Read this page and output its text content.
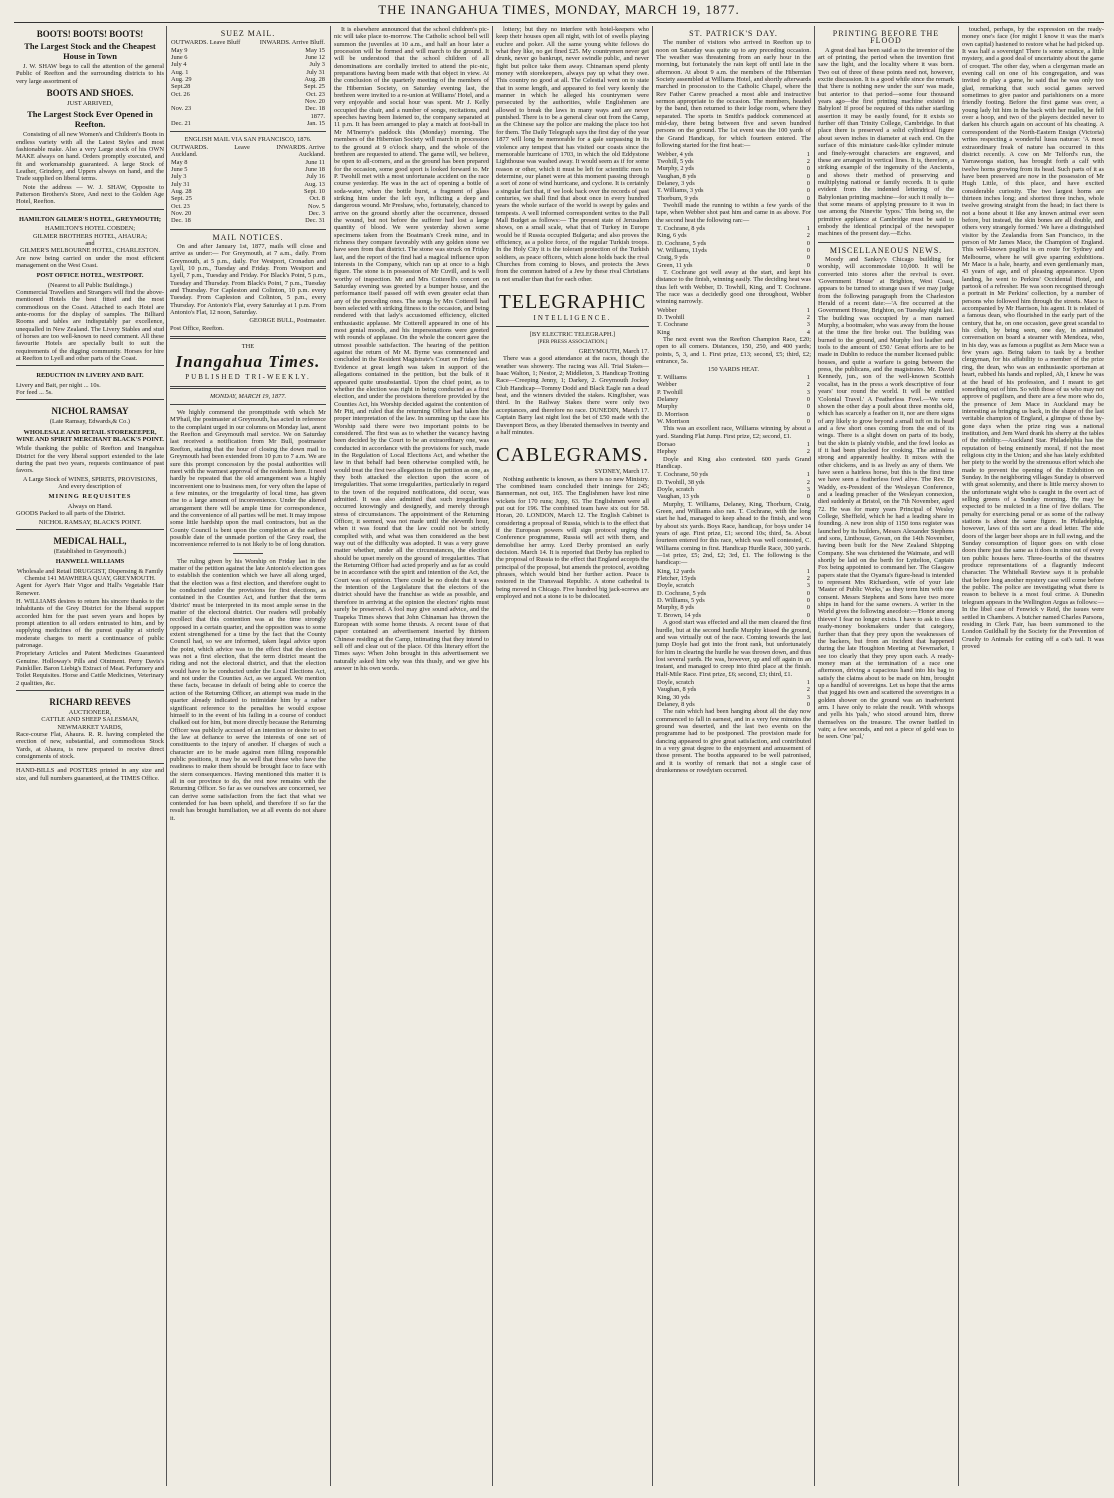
THE INANGAHUA TIMES, MONDAY, MARCH 19, 1877.
BOOTS! BOOTS! BOOTS!
The Largest Stock and the Cheapest House in Town

J. W. SHAW begs to call the attention of the general Public of Reefton and the surrounding districts to his very large assortment of

BOOTS AND SHOES.
JUST ARRIVED,
The Largest Stock Ever Opened in Reefton.

Consisting of all new Women's and Children's Boots in endless variety with all the Latest Styles and most fashionable make. Also a very Large stock of his OWN MAKE always on hand. Orders promptly executed, and fit and workmanship guaranteed. A large Stock of Leather, Grindery, and Uppers always on hand, and the Trade supplied on liberal terms.

Note the address — W. J. SHAW, Opposite to Patterson Brothers's Store, And next to the Golden Age Hotel, Reefton.

HAMILTON GILMER'S HOTEL, GREYMOUTH;
HAMILTON'S HOTEL COBDEN;
GILMER BROTHERS HOTEL, AHAURA;
and
GILMER'S MELBOURNE HOTEL, CHARLESTON.

Are now being carried on under the most efficient management on the West Coast.

POST OFFICE HOTEL, WESTPORT.
(Nearest to all Public Buildings.)

Commercial Travellers and Strangers will find the above-mentioned Hotels the best fitted and the most commodious on the Coast. Attached to each Hotel are ante-rooms for the display of samples. The Billiard Rooms and tables are indisputably par excellence, unequalled in New Zealand. The Livery Stables and stud of horses are too well-known to need comment. All these favourite Hotels are specially built to suit the requirements of the digging community. Horses for hire at Reefton to Lyell and other parts of the Coast.

REDUCTION IN LIVERY AND BAIT.
Livery and Bait, per night ... 10s.
For feed ... 5s.
NICHOL RAMSAY
(Late Ramsay, Edwards,& Co.)
WHOLESALE AND RETAIL STOREKEEPER, WINE AND SPIRIT MERCHANT BLACK'S POINT.

While thanking the public of Reefton and Inangahua District for the very liberal support extended to the late during the past two years, requests continuance of past favors.

A Large Stock of WINES, SPIRITS, PROVISIONS,
And every description of
MINING REQUISITES
Always on Hand.

GOODS Packed to all parts of the District.

NICHOL RAMSAY, BLACK'S POINT.
MEDICAL HALL,
(Established in Greymouth.)
HANWELL WILLIAMS
Wholesale and Retail DRUGGIST, Dispensing & Family Chemist 141 MAWHERA QUAY, GREYMOUTH.

Agent for Ayer's Hair Vigor and Hall's Vegetable Hair Renewer.

H. WILLIAMS desires to return his sincere thanks to the inhabitants of the Grey District for the liberal support accorded him for the past seven years and hopes by prompt attention to all orders entrusted to him, and by supplying medicines of the purest quality at strictly moderate charges to merit a continuance of public patronage.

Proprietary Articles and Patent Medicines Guaranteed Genuine. Holloway's Pills and Ointment. Perry Davis's Painkiller. Baron Liebig's Extract of Meat. Perfumery and Toilet Requisites. Horse and Cattle Medicines, Veterinary 2 qualities, &c.

RICHARD REEVES
AUCTIONEER,
CATTLE AND SHEEP SALESMAN,
NEWMARKET YARDS,

Race-course Flat, Ahaura. R. R. having completed the erection of new, substantial, and commodious Stock Yards, at Ahaura, is now prepared to receive direct consignments of stock.

HAND-BILLS and POSTERS printed in any size and size, and full numbers guaranteed, at the TIMES Office.

SUEZ MAIL.
OUTWARDS. Leave Bluff	INWARDS. Arrive Bluff.
May 9	May 15
June 6	June 12
July 4	July 3
Aug. 1	July 31
Aug. 29	Aug. 28
Sept.28	Sept. 25
Oct. 26	Oct. 23
	Nov. 20
Nov. 23	Dec. 18
	1877.
Dec. 21	Jan. 15
ENGLISH MAIL VIA SAN FRANCISCO, 1876.
OUTWARDS. Leave Auckland.	INWARDS. Arrive Auckland.
May 8	June 11
June 5	June 18
July 3	July 16
July 31	Aug. 13
Aug. 28	Sept. 10
Sept. 25	Oct. 8
Oct. 23	Nov. 5
Nov. 20	Dec. 3
Dec. 18	Dec. 31
MAIL NOTICES.

On and after January 1st, 1877, mails will close and arrive as under:— For Greymouth, at 7 a.m., daily. From Greymouth, at 5 p.m., daily. For Westport, Cronadun and Lyell, 10 p.m., Tuesday and Friday. From Westport and Lyell, 7 p.m., Tuesday and Friday. For Black's Point, 5 p.m., Tuesday and Thursday. From Black's Point, 7 p.m., Tuesday and Thursday. For Capleston and Colinton, 10 p.m. every Tuesday. From Capleston and Colinton, 5 p.m., every Thursday. For Antonio's Flat, every Saturday at 1 p.m. From Antonio's Flat, 12 noon, Saturday.

GEORGE BULL, Postmaster.
Post Office, Reefton.
THE
Inangahua Times.
PUBLISHED TRI-WEEKLY.
MONDAY, MARCH 19, 1877.

We highly commend the promptitude with which Mr M'Phail, the postmaster at Greymouth, has acted in reference to the complaint urged in our columns on Monday last, anent the Reefton and Greymouth mail service. We on Saturday last received a notification from Mr Bull, postmaster Reefton, stating that the hour of closing the down mail to Greymouth had been extended from 10 p.m to 7 a.m. We are sure this prompt concession by the postal authorities will meet with the warmest approval of the residents here. It need hardly be repeated that the old arrangement was a highly inconvenient one to business men, for very often the lapse of a few minutes, or the irregularity of local time, has given rise to a large amount of inconvenience. Under the altered arrangement there will be ample time for correspondence, and the convenience of all parties will be met. It may impose some little hardship upon the mail contractors, but as the County Council is bent upon the completion at the earliest possible date of the unmade portion of the Grey road, the inconvenience referred to is not likely to be of long duration.

The ruling given by his Worship on Friday last in the matter of the petition against the late Antonio's election goes to establish the contention which we have all along urged, that the election was a first election, and therefore ought to be conducted under the provisions for first elections, as contained in the Counties Act, and further that the term 'district' must be interpreted in its most ample sense in the matter of the electoral district. Our readers will probably recollect that this contention was at the time strongly opposed in a certain quarter, and the opposition was to some extent strengthened for a time by the fact that the County Council had, so we are informed, taken legal advice upon the point, which advice was to the effect that the election was not a first election, that the term district meant the riding and not the electoral district, and that the election would have to be conducted under the Local Elections Act, and not under the Counties Act, as we argued. We mention these facts, because in default of being able to coerce the action of the Returning Officer, an attempt was made in the quarter already indicated to intimidate him by a rather significant reference to the penalties he would expose himself to in the event of his failing in a course of conduct chalked out for him, but more directly because the Returning Officer was publicly accused of an intention or desire to set the law at defiance to serve the interests of one set of constituents to the injury of another. If charges of such a character are to be made against men filling responsible public positions, it may be as well that those who have the readiness to make them should be brought face to face with the stern consequences. Having mentioned this matter it is all in our province to do, the rest now remains with the Returning Officer. So far as we ourselves are concerned, we can derive some satisfaction from the fact that what we contended for has been upheld, and therefore if so far the result has brought humiliation, we at all events do not share it.

It is elsewhere announced that the school children's pic-nic will take place to-morrow. The Catholic school bell will summon the juveniles at 10 a.m., and half an hour later a procession will be formed and will march to the ground. It will be understood that the school children of all denominations are cordially invited to attend the pic-nic, preparations having been made with that object in view. At the conclusion of the quarterly meeting of the members of the Hibernian Society, on Saturday evening last, the brethren were invited to a re-union at Williams' Hotel, and a very enjoyable and social hour was spent. Mr J. Kelly occupied the chair, and a number of songs, recitations, and speeches having been listened to, the company separated at 11 p.m. It has been arranged to play a match at foot-ball in Mr M'Inerny's paddock this (Monday) morning. The members of the Hibernian Society will march in procession to the ground at 9 o'clock sharp, and the whole of the brethren are requested to attend. The game will, we believe, be open to all-comers, and as the ground has been prepared for the occasion, some good sport is looked forward to. Mr P. Twohill met with a most unfortunate accident on the race course yesterday. He was in the act of opening a bottle of soda-water, when the bottle burst, a fragment of glass striking him under the left eye, inflicting a deep and dangerous wound. Mr Preshaw, who, fortunately, chanced to arrive on the ground shortly after the occurrence, dressed the wound, but not before the sufferer had lost a large quantity of blood. We were yesterday shown some specimens taken from the Boatman's Creek mine, and in richness they compare favorably with any golden stone we have seen from that district. The stone was struck on Friday last, and the report of the find had a magical influence upon interests in the Company, which ran up at once to a high figure. The stone is in possession of Mr Cuvill, and is well worthy of inspection. Mr and Mrs Cotterell's concert on Saturday evening was greeted by a bumper house, and the performance itself passed off with even greater eclat than any of the preceding ones. The songs by Mrs Cotterell had been selected with striking fitness to the occasion, and being rendered with that lady's accustomed efficiency, elicited enthusiastic applause. Mr Cotterell appeared in one of his most genial moods, and his impersonations were greeted with rounds of applause. On the whole the concert gave the utmost possible satisfaction. The hearing of the petition against the return of Mr M. Byrne was commenced and concluded in the Resident Magistrate's Court on Friday last. Evidence at great length was taken in support of the allegations contained in the petition, but the bulk of it appeared quite unsubstantial. Upon the chief point, as to whether the election was right in being conducted as a first election, and under the provisions therefore provided by the Counties Act, his Worship decided against the contention of Mr Pitt, and ruled that the returning Officer had taken the proper interpretation of the law. In summing up the case his Worship said there were two important points to be considered. The first was as to whether the vacancy having been decided by the Court to be an extraordinary one, was conducted in accordance with the provisions for such, made in the Regulation of Local Elections Act, and whether the law in that behalf had been otherwise complied with, he would treat the first two allegations in the petition as one, as they both attacked the election upon the score of irregularities. That some irregularities, particularly in regard to the town of the required notifications, did occur, was admitted. It was also admitted that such irregularities occurred knowingly and designedly, and merely through stress of circumstances. The appointment of the Returning Officer, it seemed, was not made until the eleventh hour, when it was found that the law could not be strictly complied with, and what was then considered as the best way out of the difficulty was adopted. It was a very grave matter whether, under all the circumstances, the election should be upset merely on the ground of irregularities. That the Returning Officer had acted properly and as far as could be in accordance with the spirit and intention of the Act, the Court was of opinion. There could be no doubt that it was the intention of the Legislature that the electors of the district should have the franchise as wide as possible, and therefore in arriving at the opinion the electors' rights must surely be preserved. A fool may give sound advice, and the Tuapeka Times shows that John Chinaman has thrown the European with some home thrusts. A recent issue of that paper contained an advertisement inserted by thirteen Chinese residing at the Camp, intimating that they intend to sell off and clear out of the place. Of this literary effort the Times says: When John brought in this advertisement we naturally asked him why was this thusly, and we give his answer in his own words.

lottery; but they no interfere with hotel-keepers who keep their houses open all night, with lot of swells playing euchre and poker. All the same young white fellows do what they like, no get fined £25. My countrymen never get drunk, never go bankrupt, never swindle public, and never fight but police take them away. Chinaman spend plenty money with storekeepers, always pay up what they owe. This country no good at all. The Celestial went on to state that in some length, and appeared to feel very keenly the manner in which he alleged his countrymen were persecuted by the authorities, while Englishmen are allowed to break the laws in many ways and are never punished. There is to be a general clear out from the Camp, as the Chinese say the police are making the place too hot for them. The Daily Telegraph says the first day of the year 1877 will long be memorable for a gale surpassing in its violence any tempest that has visited our coasts since the memorable hurricane of 1703, in which the old Eddystone Lighthouse was washed away. It would seem as if for some reason or other, which it must be left for scientific men to determine, our planet were at this moment passing through a sort of zone of wind hurricane, and cyclone. It is certainly a singular fact that, if we look back over the records of past centuries, we shall find that about once in every hundred years the whole surface of the world is swept by gales and tempests. A well informed correspondent writes to the Pall Mall Budget as follows:— The present state of Jerusalem shows, on a small scale, what that of Turkey in Europe would be if Russia occupied Bulgaria; and also proves the efficiency, as a police force, of the regular Turkish troops. In the Holy City it is the tolerant protection of the Turkish soldiers, as peace officers, which alone holds back the rival Churches from coming to blows, and protects the Jews from the common hatred of a Jew by these rival Christians is not smaller than that for each other.

TELEGRAPHIC
INTELLIGENCE.
[BY ELECTRIC TELEGRAPH.]
[PER PRESS ASSOCIATION.]
GREYMOUTH, March 17.

There was a good attendance at the races, though the weather was showery. The racing was All. Trial Stakes—Isaac Walton, 1; Nestor, 2; Middleton, 3. Handicap Trotting Race—Creeping Jenny, 1; Darkey, 2. Greymouth Jockey Club Handicap—Tommy Dodd and Black Eagle ran a dead heat, and the winners divided the stakes. Kingfisher, was third. In the Railway Stakes there were only two acceptances, and therefore no race. DUNEDIN, March 17. Captain Barry last night lost the bet of £50 made with the Davenport Bros, as they liberated themselves in twenty and a half minutes.

CABLEGRAMS.
SYDNEY, March 17.

Nothing authentic is known, as there is no new Ministry. The combined team concluded their innings for 245; Bannerman, not out, 165. The Englishmen have lost nine wickets for 170 runs; Jupp, 63. The Englishmen were all put out for 196. The combined team have six out for 58. Horan, 20. LONDON, March 12. The English Cabinet is considering a proposal of Russia, which is to the effect that if the European powers will sign protocol urging the Conference programme, Russia will act with them, and demobilise her army. Lord Derby promised an early decision. March 14. It is reported that Derby has replied to the proposal of Russia to the effect that England accepts the principal of the proposal, but amends the protocol, avoiding phrases, which would bind her further action. Peace is restored in the Transvaal Republic. A stone cathedral is being moved in Chicago. Five hundred big jack-screws are employed and not a stone is to be dislocated.

ST. PATRICK'S DAY.

The number of visitors who arrived in Reefton up to noon on Saturday was quite up to any preceding occasion. The weather was threatening from an early hour in the morning, but fortunately the rain kept off until late in the afternoon. At about 9 a.m. the members of the Hibernian Society assembled at Williams Hotel, and shortly afterwards marched in procession to the Catholic Chapel, where the Rev Father Carew preached a most able and instructive sermon appropriate to the occasion. The members, headed by the band, then returned to their lodge room, where they separated. The sports in Smith's paddock commenced at mid-day, there being between five and seven hundred persons on the ground. The 1st event was the 100 yards of the Grand Handicap, for which fourteen entered. The following started for the first heat:—

Webber, 4 yds	1
Twohill, 5 yds	2
Murphy, 2 yds	0
Vaughan, 8 yds	0
Delaney, 3 yds	0
T. Williams, 3 yds	0
Thorburn, 9 yds	0

Twohill made the running to within a few yards of the tape, when Webber shot past him and came in as above. For the second heat the following ran:—

T. Cochrane, 8 yds	1
King, 6 yds	2
D. Cochrane, 5 yds	0
W. Williams, 11yds	0
Craig, 9 yds	0
Green, 11 yds	0

T. Cochrane got well away at the start, and kept his distance to the finish, winning easily. The deciding heat was thus left with Webber, D. Towhill, King, and T. Cochrane. The race was a decidedly good one throughout, Webber winning narrowly.

Webber	1
D. Twohill	2
T. Cochrane	3
King	4

The next event was the Reefton Champion Race, £20; open to all comers. Distances, 150, 250, and 400 yards; points, 5, 3, and 1. First prize, £13; second, £5; third, £2; entrance, 5s.

150 YARDS HEAT.
T. Williams	1
Webber	2
P. Twohill	3
Delaney	0
Murphy	0
D. Morrison	0
W. Morrison	0

This was an excellent race, Williams winning by about a yard. Standing Flat Jump. First prize, £2; second, £1.

Dorsao	1
Hephey	2

Doyle and King also contested. 600 yards Grand Handicap.

T. Cochrane, 50 yds	1
D. Twohill, 38 yds	2
Doyle, scratch	3
Vaughan, 13 yds	0

Murphy, T. Williams, Delaney, King, Thorburn, Craig, Green, and Williams also ran. T. Cochrane, with the long start he had, managed to keep ahead to the finish, and won by about six yards. Boys Race, handicap, for boys under 14 years of age. First prize, £1; second 10s; third, 5s. About fourteen entered for this race, which was well contested, C. Williams coming in first. Handicap Hurdle Race, 300 yards.—1st prize, £5; 2nd, £2; 3rd, £1. The following is the handicap:—

King, 12 yards	1
Fletcher, 15yds	2
Doyle, scratch	3
D. Cochrane, 5 yds	0
D. Williams, 5 yds	0
Murphy, 8 yds	0
T. Brown, 14 yds	0

A good start was effected and all the men cleared the first hurdle, but at the second hurdle Murphy kissed the ground, and was virtually out of the race. Coming towards the last jump Doyle had got into the front rank, but unfortunately for him in clearing the hurdle he was thrown down, and thus lost several yards. He was, however, up and off again in an instant, and managed to creep into third place at the finish. Half-Mile Race. First prize, £6; second, £3; third, £1.

Doyle, scratch	1
Vaughan, 8 yds	2
King, 30 yds	3
Delaney, 8 yds	0

The rain which had been hanging about all the day now commenced to fall in earnest, and in a very few minutes the ground was deserted, and the last two events on the programme had to be postponed. The provision made for dancing appeared to give great satisfaction, and contributed in a very great degree to the enjoyment and amusement of those present. The booths appeared to be well patronised, and it is worthy of remark that not a single case of drunkenness or rowdyism occurred.

PRINTING BEFORE THE FLOOD

A great deal has been said as to the inventor of the art of printing, the period when the invention first saw the light, and the locality where it was born. Two out of three of these points need not, however, excite discussion. It is a good while since the remark that 'there is nothing new under the sun' was made, but anterior to that period—some four thousand years ago—the first printing machine existed in Babylon! If proof be required of this rather startling assertion it may be easily found, for it exists so further off than Trinity College, Cambridge. In that place there is preserved a solid cylindrical figure about seven inches in diameter at each end. On the surface of this miniature cask-like cylinder minute and finely-wrought characters are engraved, and these are arranged in vertical lines. It is, therefore, a striking example of the ingenuity of the Ancients, and shows their method of preserving and multiplying national or family records. It is quite evident from the indented lettering of the Babylonian printing machine—for such it really is—that some means of applying pressure to it was in use among the Ninevite 'typos.' This being so, the primitive appliance at Cambridge must be said to embody the identical principal of the newspaper machines of the present day.—Echo.

MISCELLANEOUS NEWS.

Moody and Sankey's Chicago building for worship, will accommodate 10,000. It will be converted into stores after the revival is over. 'Government House' at Brighton, West Coast, appears to be turned to strange uses if we may judge from the following paragraph from the Charleston Herald of a recent date:—'A fire occurred at the Government House, Brighton, on Tuesday night last. The building was occupied by a man named Murphy, a bootmaker, who was away from the house at the time the fire broke out. The building was burned to the ground, and Murphy lost leather and tools to the amount of £50.' Great efforts are to be made in Dublin to reduce the number licensed public houses, and quite a warfare is going between the press, the publicans, and the magistrates. Mr. David Kennedy, jun., son of the well-known Scottish vocalist, has in the press a work descriptive of four years' tour round the world. It will be entitled 'Colonial Travel.' A Featherless Fowl.—We were shown the other day a pouli about three months old, which has scarcely a feather on it, nor are there signs of any likely to grow beyond a small tuft on its head and a few short ones coming from the end of its wings. There is a slight down on parts of its body, but the skin is plainly visible, and the fowl looks as if it had been plucked for cooking. The animal is strong and apparently healthy. It mixes with the other chickens, and is as lively as any of them. We have seen a hairless horse, but this is the first time we have seen a featherless fowl alive. The Rev. Dr Waddy, ex-President of the Wesleyan Conference, and a leading preacher of the Wesleyan connexion, died suddenly at Bristol, on the 7th November, aged 72. He was for many years Principal of Wesley College, Sheffield, which he had a leading share in founding. A new iron ship of 1150 tons register was launched by its builders, Messrs Alexander Stephens and sons, Linthouse, Govan, on the 14th November, having been built for the New Zealand Shipping Company. She was christened the Waimate, and will shortly be laid on the berth for Lyttelton, Captain Fox being appointed to command her. The Glasgow papers state that the Oyama's figure-head is intended to represent Mrs Richardson, wife of your late 'Master of Public Works,' as they term him with one consent. Messrs Stephens and Sons have two more ships in hand for the same owners. A writer in the World gives the following anecdote:—'Honor among thieves' I fear no longer exists. I have to ask to class ready-money bookmakers under that category, further than that they prey upon the weaknesses of the backers, but from an incident that happened during the late Houghton Meeting at Newmarket, I see too clearly that they prey upon each. A ready-money man at the termination of a race one afternoon, driving a capacious hand into his bag to satisfy the claims about to be made on him, brought up a handful of sovereigns. Let us hope that the arms that jogged his own and scattered the sovereigns in a golden shower on the ground was an inadvertent arm. I have only to relate the result. With whoops and yells his 'pals,' who stood around him, threw themselves on the treasure. The owner battled in vain; a few seconds, and not a piece of gold was to be seen. One 'pal,'

touched, perhaps, by the expression on the ready-money one's face (for might I know it was the man's own capital) hastened to restore what he had picked up. It was half a sovereign! There is some science, a little mystery, and a good deal of uncertainty about the game of croquet. The other day, when a clergyman made an evening call on one of his congregation, and was invited to play a game, he said that he was only too glad, remarking that such social games served sometimes to give pastor and parishioners on a more friendly footing. Before the first game was over, a young lady hit him in the back with her mallet, he fell over a hoop, and two of the players decided never to darken his church again on account of his cheating. A correspondent of the North-Eastern Ensign (Victoria) writes respecting a wonderful lusus naturae: 'A most extraordinary freak of nature has occurred in this district recently. A cow on Mr Telford's run, the Yarrawonga station, has brought forth a calf with twelve horns growing from its head. Such parts of it as have been preserved are now in the possession of Mr Hugh Little, of this place, and have excited considerable curiosity. The two largest horns are thirteen inches long; and shortest three inches, whole twelve growing straight from the head; in fact there is not a bone about it like any known animal ever seen before, but instead, the skin bones are all double, and others very strangely formed.' We have a distinguished visitor by the Zealandia from San Francisco, in the person of Mr James Mace, the Champion of England. This well-known pugilist is en route for Sydney and Melbourne, where he will give sparring exhibitions. Mr Mace is a hale, hearty, and even gentlemanly man, 43 years of age, and of pleasing appearance. Upon landing, he went to Perkins' Occidental Hotel, and partook of a refresher. He was soon recognised through a portrait in Mr Perkins' collection, by a number of persons who followed him through the streets. Mace is accompanied by Mr Harrison, his agent. It is related of a famous dean, who flourished in the early part of the century, that he, on one occasion, gave great scandal to his cloth, by being seen, one day, in animated conversation on board a steamer with Mendoza, who, in his day, was as famous a pugilist as Jem Mace was a few years ago. Being taken to task by a brother clergyman, for his affability to a member of the prize ring, the dean, who was an enthusiastic sportsman at heart, rubbed his hands and replied, Ah, I knew he was at the head of his profession, and I meant to get something out of him. So with those of us who may not approve of pugilism, and there are a few more who do, the presence of Jem Mace in Auckland may be interesting as bringing us back, in the shape of the last veritable champion of England, a glimpse of those by-gone days when the prize ring was a national institution, and Jem Ward drank his sherry at the tables of the nobility.—Auckland Star. Philadelphia has the reputation of being eminently moral, if not the most religious city in the Union; and she has lately exhibited her piety to the world by the strenuous effort which she made to prevent the opening of the Exhibition on Sunday. In the neighboring villages Sunday is observed with great solemnity, and there is little mercy shown to the unfortunate wight who is caught in the overt act of selling greens of a Sunday morning. He may be expected to be mulcted in a fine of five dollars. The penalty for exercising penal or as some of the railway stations is about the same figure. In Philadelphia, however, laws of this sort are a dead letter. The side doors of the larger beer shops are in full swing, and the Sunday consumption of liquor goes on with close doors there just the same as it does in nine out of every ten public houses here. Three-fourths of the theatres produce representations of a flagrantly indecent character. The Whitehall Review says it is probable that before long another mystery case will come before the public. The police are investigating what there is reason to believe is a most foul crime. A Dunedin telegram appears in the Wellington Argus as follows:—In the libel case of Fenwick v Reid, the issues were settled in Chambers. A butcher named Charles Parsons, residing in Clerk Fair, has been summoned to the London Guildhall by the Society for the Prevention of Cruelty to Animals for cutting off a cat's tail. It was proved
